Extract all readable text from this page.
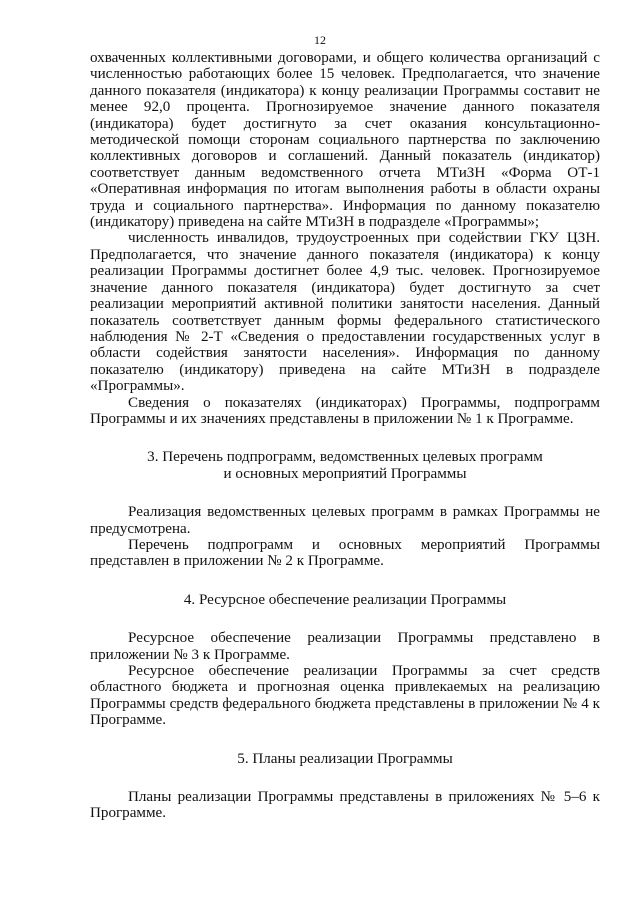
12

охваченных коллективными договорами, и общего количества организаций с численностью работающих более 15 человек. Предполагается, что значение данного показателя (индикатора) к концу реализации Программы составит не менее 92,0 процента. Прогнозируемое значение данного показателя (индикатора) будет достигнуто за счет оказания консультационно-методической помощи сторонам социального партнерства по заключению коллективных договоров и соглашений. Данный показатель (индикатор) соответствует данным ведомственного отчета МТиЗН «Форма ОТ-1 «Оперативная информация по итогам выполнения работы в области охраны труда и социального партнерства». Информация по данному показателю (индикатору) приведена на сайте МТиЗН в подразделе «Программы»;

численность инвалидов, трудоустроенных при содействии ГКУ ЦЗН. Предполагается, что значение данного показателя (индикатора) к концу реализации Программы достигнет более 4,9 тыс. человек. Прогнозируемое значение данного показателя (индикатора) будет достигнуто за счет реализации мероприятий активной политики занятости населения. Данный показатель соответствует данным формы федерального статистического наблюдения № 2-Т «Сведения о предоставлении государственных услуг в области содействия занятости населения». Информация по данному показателю (индикатору) приведена на сайте МТиЗН в подразделе «Программы».

Сведения о показателях (индикаторах) Программы, подпрограмм Программы и их значениях представлены в приложении № 1 к Программе.

3. Перечень подпрограмм, ведомственных целевых программ

и основных мероприятий Программы

Реализация ведомственных целевых программ в рамках Программы не предусмотрена.

Перечень подпрограмм и основных мероприятий Программы представлен в приложении № 2 к Программе.

4. Ресурсное обеспечение реализации Программы

Ресурсное обеспечение реализации Программы представлено в приложении № 3 к Программе.

Ресурсное обеспечение реализации Программы за счет средств областного бюджета и прогнозная оценка привлекаемых на реализацию Программы средств федерального бюджета представлены в приложении № 4 к Программе.

5. Планы реализации Программы

Планы реализации Программы представлены в приложениях № 5–6 к Программе.
